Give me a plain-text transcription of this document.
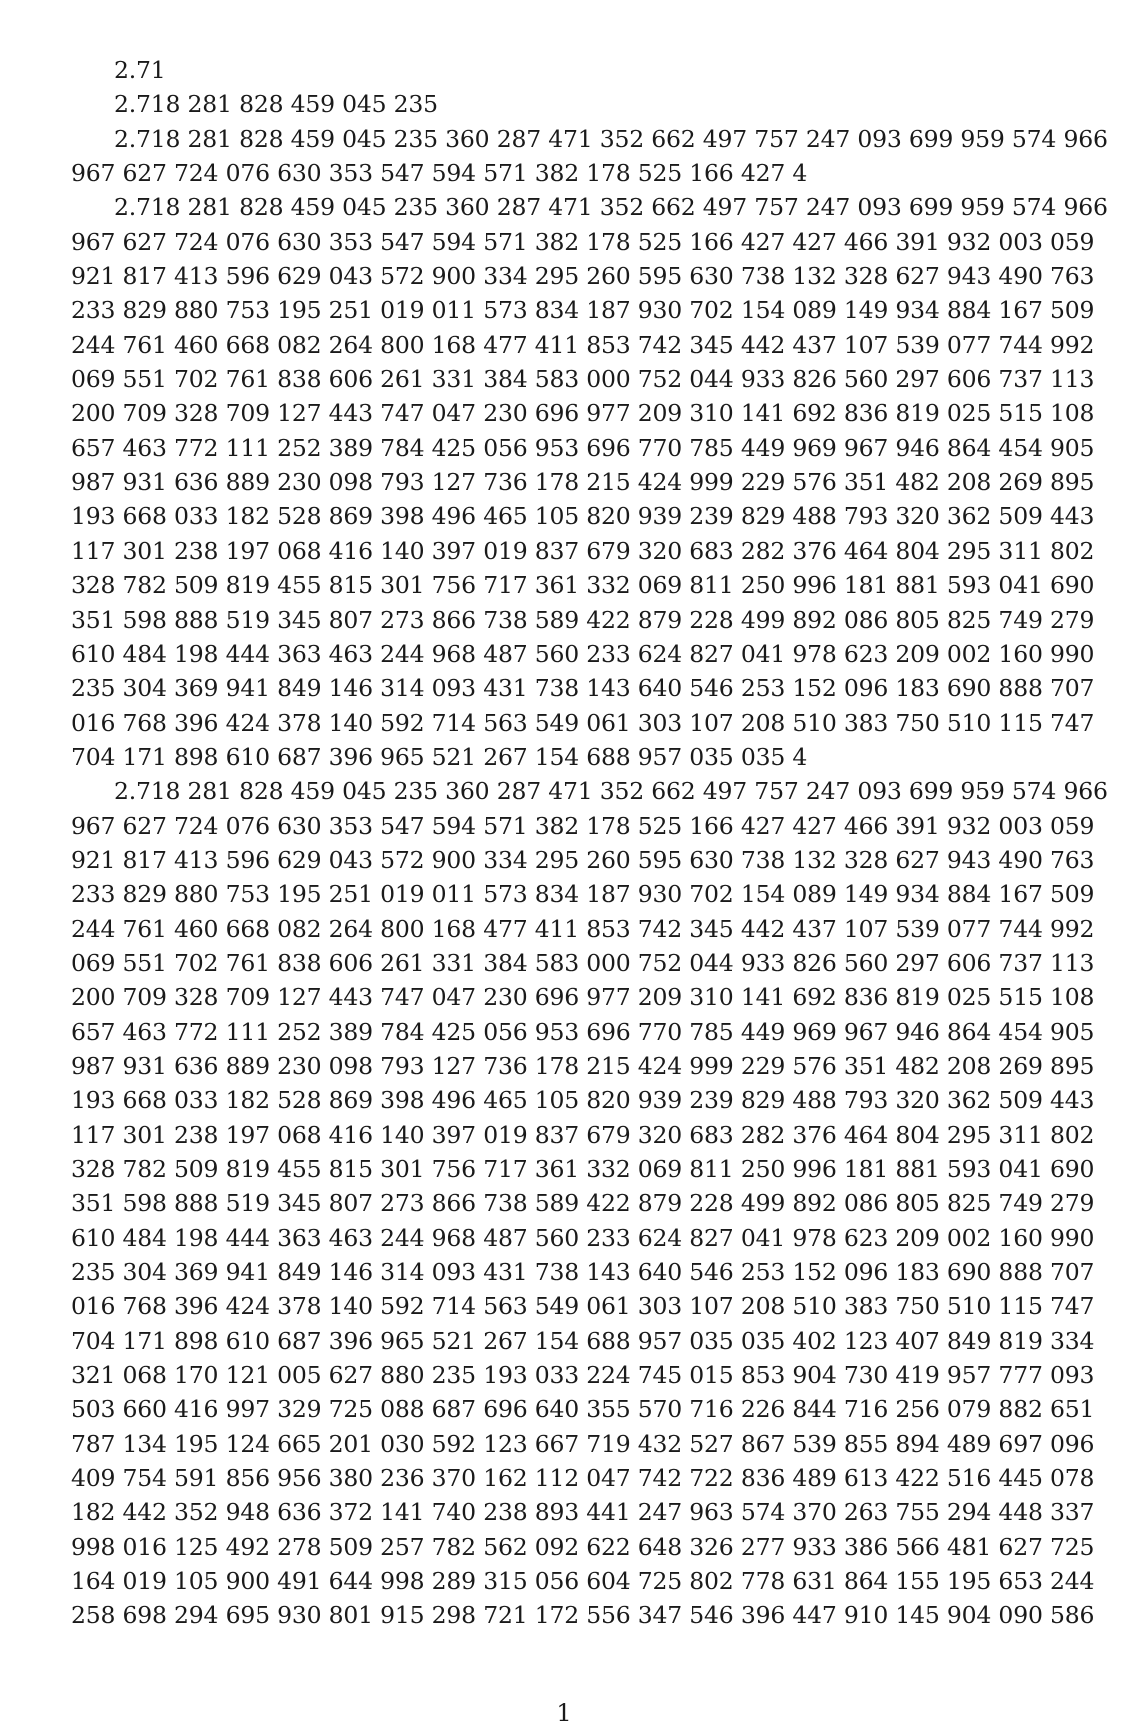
2.71
2.718 281 828 459 045 235
2.718 281 828 459 045 235 360 287 471 352 662 497 757 247 093 699 959 574 966
967 627 724 076 630 353 547 594 571 382 178 525 166 427 4
2.718 281 828 459 045 235 360 287 471 352 662 497 757 247 093 699 959 574 966
967 627 724 076 630 353 547 594 571 382 178 525 166 427 427 466 391 932 003 059
921 817 413 596 629 043 572 900 334 295 260 595 630 738 132 328 627 943 490 763
233 829 880 753 195 251 019 011 573 834 187 930 702 154 089 149 934 884 167 509
244 761 460 668 082 264 800 168 477 411 853 742 345 442 437 107 539 077 744 992
069 551 702 761 838 606 261 331 384 583 000 752 044 933 826 560 297 606 737 113
200 709 328 709 127 443 747 047 230 696 977 209 310 141 692 836 819 025 515 108
657 463 772 111 252 389 784 425 056 953 696 770 785 449 969 967 946 864 454 905
987 931 636 889 230 098 793 127 736 178 215 424 999 229 576 351 482 208 269 895
193 668 033 182 528 869 398 496 465 105 820 939 239 829 488 793 320 362 509 443
117 301 238 197 068 416 140 397 019 837 679 320 683 282 376 464 804 295 311 802
328 782 509 819 455 815 301 756 717 361 332 069 811 250 996 181 881 593 041 690
351 598 888 519 345 807 273 866 738 589 422 879 228 499 892 086 805 825 749 279
610 484 198 444 363 463 244 968 487 560 233 624 827 041 978 623 209 002 160 990
235 304 369 941 849 146 314 093 431 738 143 640 546 253 152 096 183 690 888 707
016 768 396 424 378 140 592 714 563 549 061 303 107 208 510 383 750 510 115 747
704 171 898 610 687 396 965 521 267 154 688 957 035 035 4
2.718 281 828 459 045 235 360 287 471 352 662 497 757 247 093 699 959 574 966
967 627 724 076 630 353 547 594 571 382 178 525 166 427 427 466 391 932 003 059
921 817 413 596 629 043 572 900 334 295 260 595 630 738 132 328 627 943 490 763
233 829 880 753 195 251 019 011 573 834 187 930 702 154 089 149 934 884 167 509
244 761 460 668 082 264 800 168 477 411 853 742 345 442 437 107 539 077 744 992
069 551 702 761 838 606 261 331 384 583 000 752 044 933 826 560 297 606 737 113
200 709 328 709 127 443 747 047 230 696 977 209 310 141 692 836 819 025 515 108
657 463 772 111 252 389 784 425 056 953 696 770 785 449 969 967 946 864 454 905
987 931 636 889 230 098 793 127 736 178 215 424 999 229 576 351 482 208 269 895
193 668 033 182 528 869 398 496 465 105 820 939 239 829 488 793 320 362 509 443
117 301 238 197 068 416 140 397 019 837 679 320 683 282 376 464 804 295 311 802
328 782 509 819 455 815 301 756 717 361 332 069 811 250 996 181 881 593 041 690
351 598 888 519 345 807 273 866 738 589 422 879 228 499 892 086 805 825 749 279
610 484 198 444 363 463 244 968 487 560 233 624 827 041 978 623 209 002 160 990
235 304 369 941 849 146 314 093 431 738 143 640 546 253 152 096 183 690 888 707
016 768 396 424 378 140 592 714 563 549 061 303 107 208 510 383 750 510 115 747
704 171 898 610 687 396 965 521 267 154 688 957 035 035 402 123 407 849 819 334
321 068 170 121 005 627 880 235 193 033 224 745 015 853 904 730 419 957 777 093
503 660 416 997 329 725 088 687 696 640 355 570 716 226 844 716 256 079 882 651
787 134 195 124 665 201 030 592 123 667 719 432 527 867 539 855 894 489 697 096
409 754 591 856 956 380 236 370 162 112 047 742 722 836 489 613 422 516 445 078
182 442 352 948 636 372 141 740 238 893 441 247 963 574 370 263 755 294 448 337
998 016 125 492 278 509 257 782 562 092 622 648 326 277 933 386 566 481 627 725
164 019 105 900 491 644 998 289 315 056 604 725 802 778 631 864 155 195 653 244
258 698 294 695 930 801 915 298 721 172 556 347 546 396 447 910 145 904 090 586
1
